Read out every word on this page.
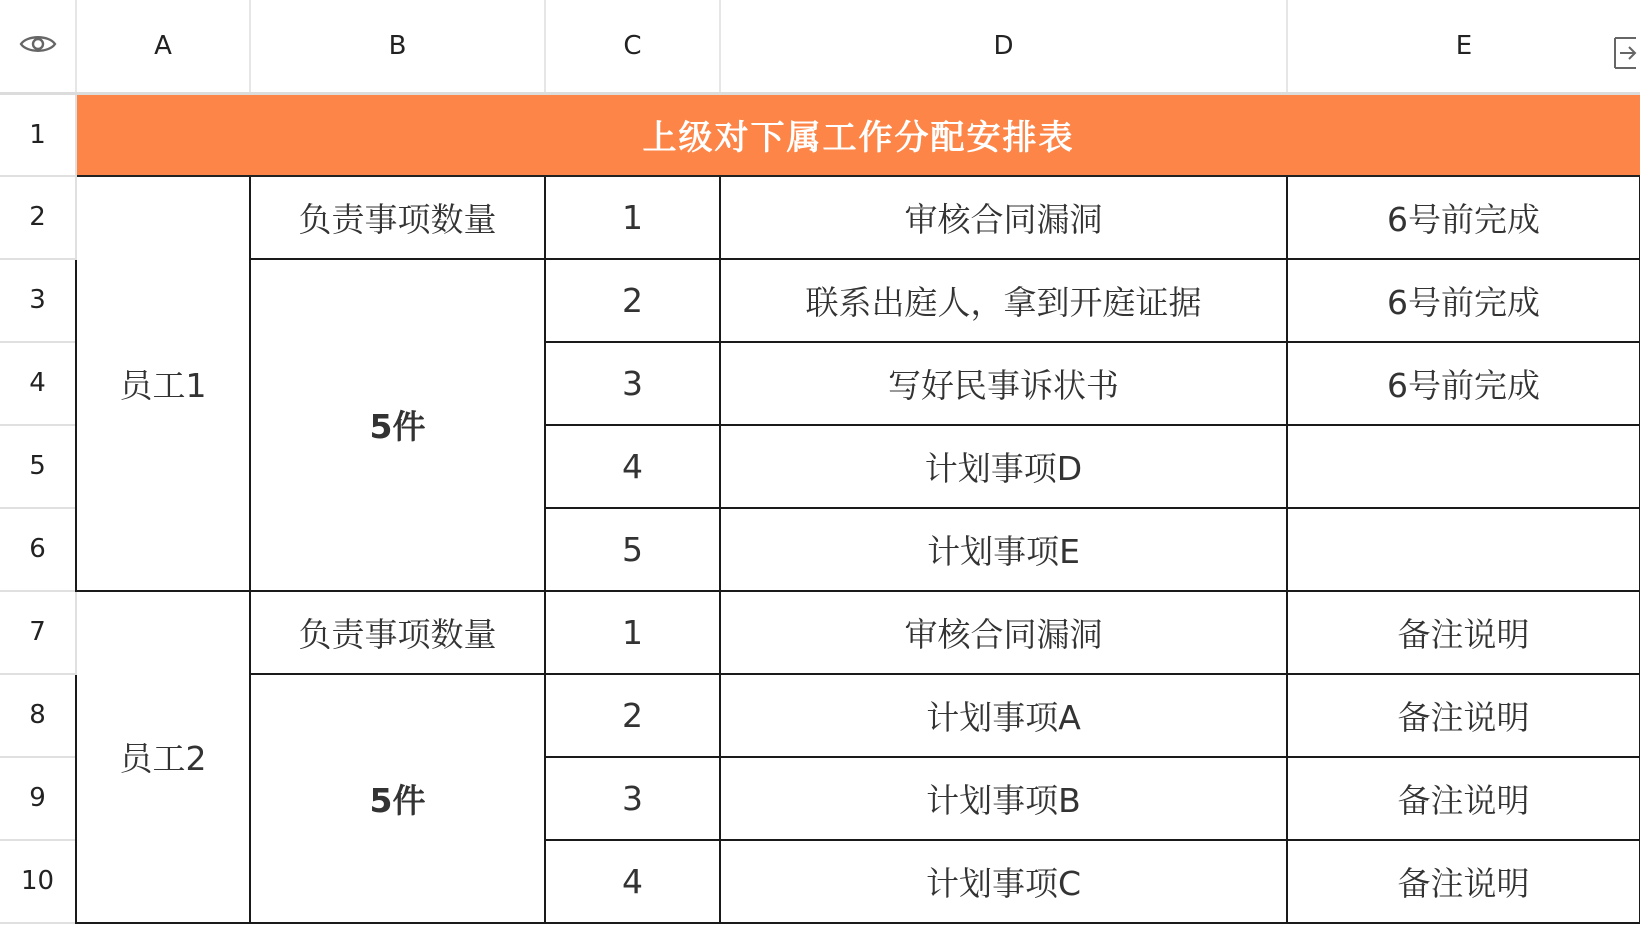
	A	B	C	D	E
1	上级对下属工作分配安排表				
2	员工1	负责事项数量	1	审核合同漏洞	6号前完成
3		5件	2	联系出庭人，拿到开庭证据	6号前完成
4			3	写好民事诉状书	6号前完成
5			4	计划事项D	
6			5	计划事项E	
7	员工2	负责事项数量	1	审核合同漏洞	备注说明
8		5件	2	计划事项A	备注说明
9			3	计划事项B	备注说明
10			4	计划事项C	备注说明
